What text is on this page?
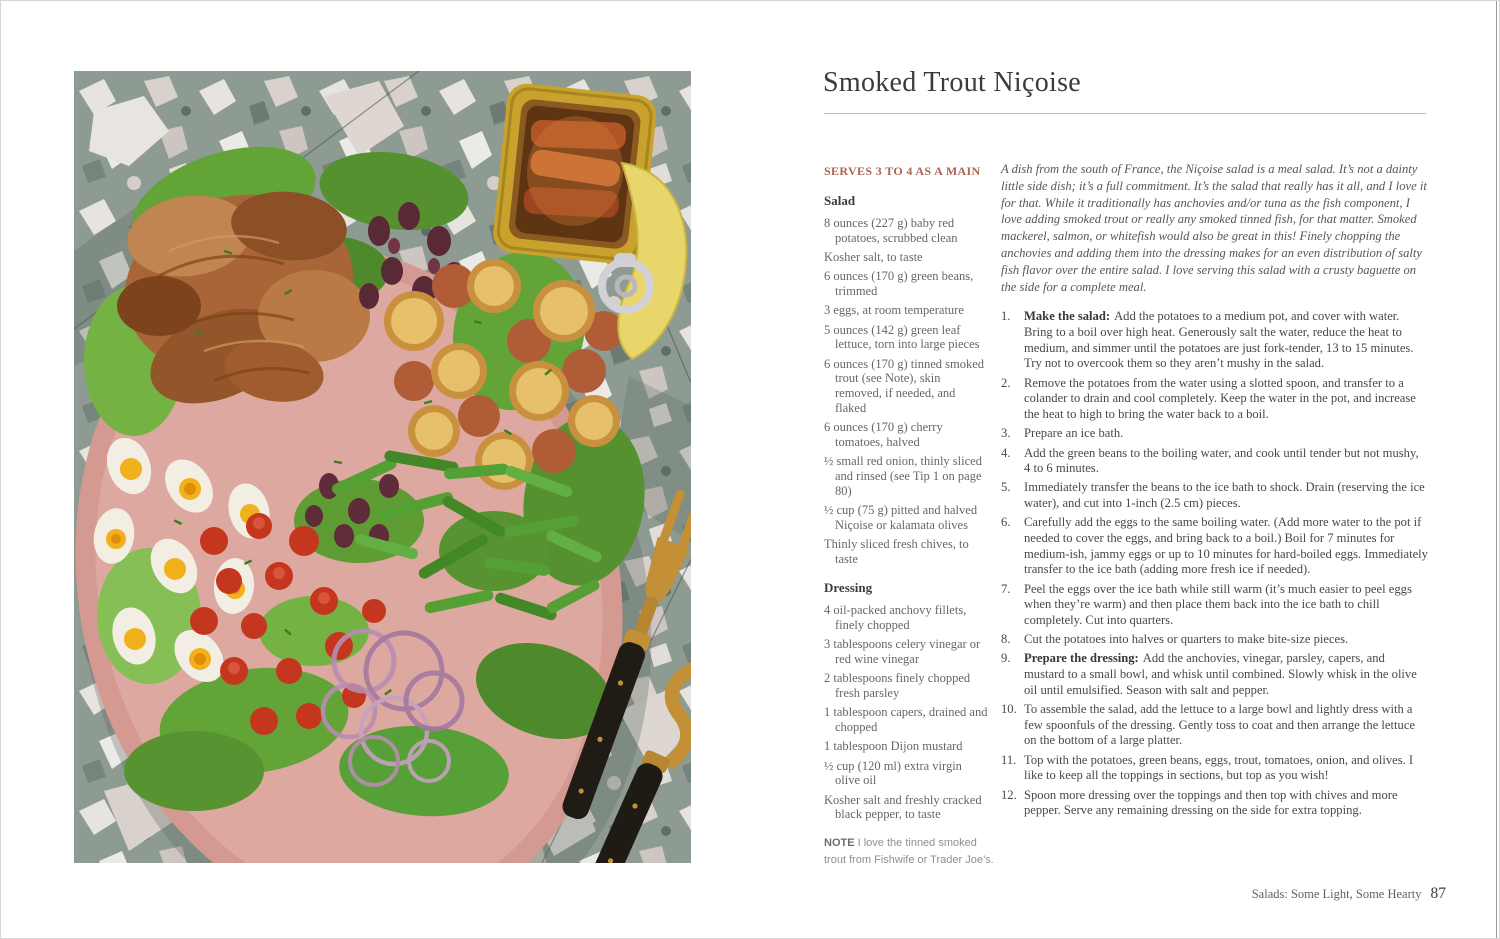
Smoked Trout Niçoise
SERVES 3 TO 4 AS A MAIN
Salad
8 ounces (227 g) baby red potatoes, scrubbed clean
Kosher salt, to taste
6 ounces (170 g) green beans, trimmed
3 eggs, at room temperature
5 ounces (142 g) green leaf lettuce, torn into large pieces
6 ounces (170 g) tinned smoked trout (see Note), skin removed, if needed, and flaked
6 ounces (170 g) cherry tomatoes, halved
½ small red onion, thinly sliced and rinsed (see Tip 1 on page 80)
½ cup (75 g) pitted and halved Niçoise or kalamata olives
Thinly sliced fresh chives, to taste
Dressing
4 oil-packed anchovy fillets, finely chopped
3 tablespoons celery vinegar or red wine vinegar
2 tablespoons finely chopped fresh parsley
1 tablespoon capers, drained and chopped
1 tablespoon Dijon mustard
½ cup (120 ml) extra virgin olive oil
Kosher salt and freshly cracked black pepper, to taste

A dish from the south of France, the Niçoise salad is a meal salad. It’s not a dainty little side dish; it’s a full commitment. It’s the salad that really has it all, and I love it for that. While it traditionally has anchovies and/or tuna as the fish component, I love adding smoked trout or really any smoked tinned fish, for that matter. Smoked mackerel, salmon, or whitefish would also be great in this! Finely chopping the anchovies and adding them into the dressing makes for an even distribution of salty fish flavor over the entire salad. I love serving this salad with a crusty baguette on the side for a complete meal.

1.	Make the salad: Add the potatoes to a medium pot, and cover with water. Bring to a boil over high heat. Generously salt the water, reduce the heat to medium, and simmer until the potatoes are just fork-tender, 13 to 15 minutes. Try not to overcook them so they aren’t mushy in the salad.
2.	Remove the potatoes from the water using a slotted spoon, and transfer to a colander to drain and cool completely. Keep the water in the pot, and increase the heat to high to bring the water back to a boil.
3.	Prepare an ice bath.
4.	Add the green beans to the boiling water, and cook until tender but not mushy, 4 to 6 minutes.
5.	Immediately transfer the beans to the ice bath to shock. Drain (reserving the ice water), and cut into 1-inch (2.5 cm) pieces.
6.	Carefully add the eggs to the same boiling water. (Add more water to the pot if needed to cover the eggs, and bring back to a boil.) Boil for 7 minutes for medium-ish, jammy eggs or up to 10 minutes for hard-boiled eggs. Immediately transfer to the ice bath (adding more fresh ice if needed).
7.	Peel the eggs over the ice bath while still warm (it’s much easier to peel eggs when they’re warm) and then place them back into the ice bath to chill completely. Cut into quarters.
8.	Cut the potatoes into halves or quarters to make bite-size pieces.
9.	Prepare the dressing: Add the anchovies, vinegar, parsley, capers, and mustard to a small bowl, and whisk until combined. Slowly whisk in the olive oil until emulsified. Season with salt and pepper.
10. To assemble the salad, add the lettuce to a large bowl and lightly dress with a few spoonfuls of the dressing. Gently toss to coat and then arrange the lettuce on the bottom of a large platter.
11. Top with the potatoes, green beans, eggs, trout, tomatoes, onion, and olives. I like to keep all the toppings in sections, but top as you wish!
12. Spoon more dressing over the toppings and then top with chives and more pepper. Serve any remaining dressing on the side for extra topping.

NOTE I love the tinned smoked trout from Fishwife or Trader Joe’s.

Salads: Some Light, Some Hearty 87
